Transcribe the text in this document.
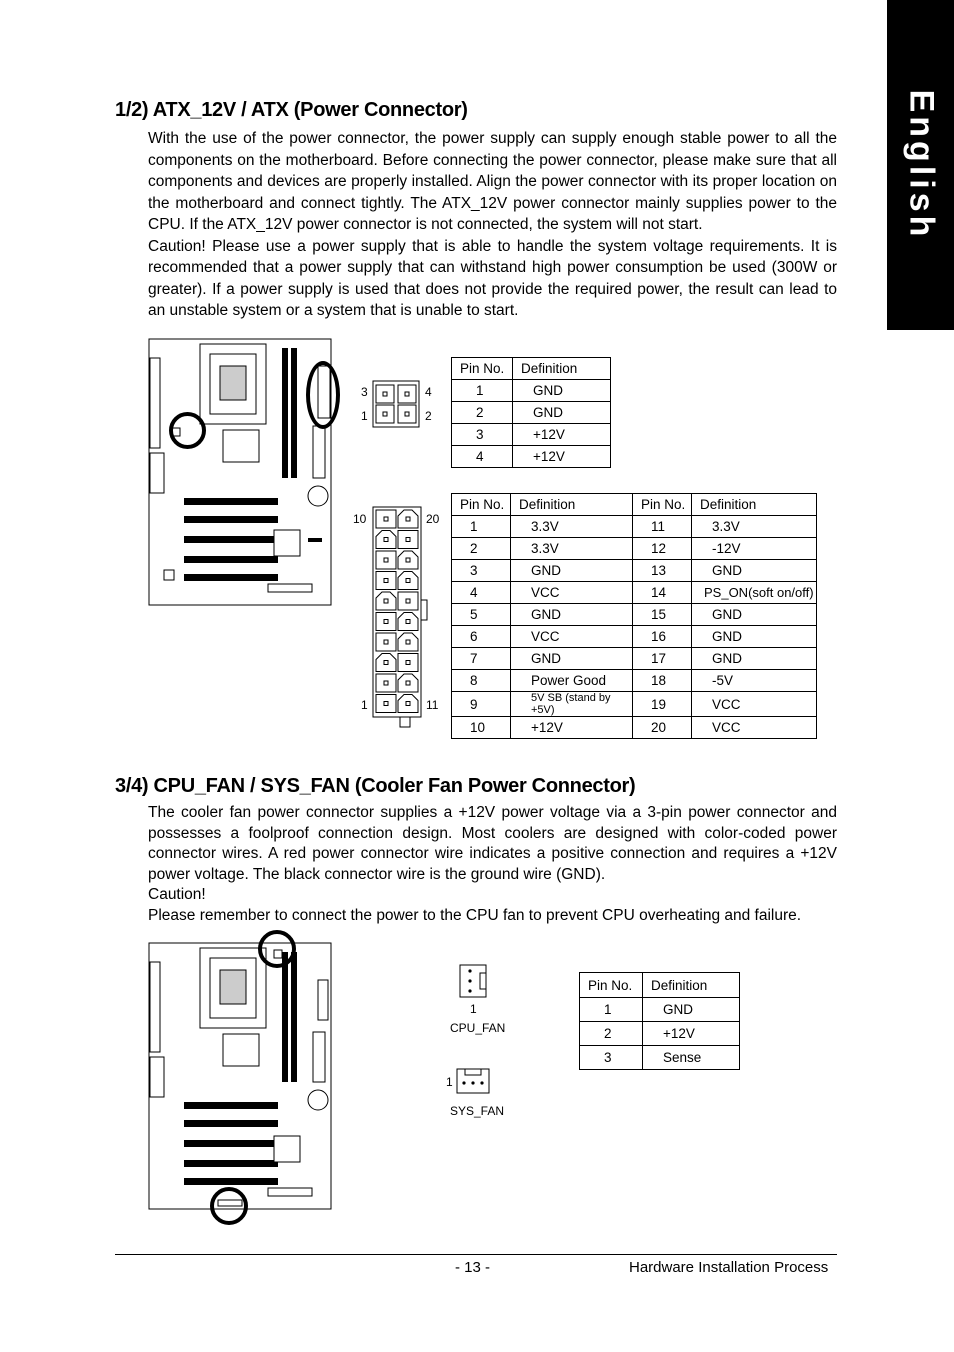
English
1/2) ATX_12V / ATX (Power Connector)

With the use of the power connector, the power supply can supply enough stable power to all the components on the motherboard. Before connecting the power connector, please make sure that all components and devices are properly installed. Align the power connector with its proper location on the motherboard and connect tightly. The ATX_12V power connector mainly supplies power to the CPU. If the ATX_12V power connector is not connected, the system will not start.

Caution! Please use a power supply that is able to handle the system voltage requirements. It is recommended that a power supply that can withstand high power consumption be used (300W or greater). If a power supply is used that does not provide the required power, the result can lead to an unstable system or a system that is unable to start.

3	4
1	2
Pin No.	Definition
1	GND
2	GND
3	+12V
4	+12V
10	20
1	11
Pin No.	Definition	Pin No.	Definition
1	3.3V	11	3.3V
2	3.3V	12	-12V
3	GND	13	GND
4	VCC	14	PS_ON(soft on/off)
5	GND	15	GND
6	VCC	16	GND
7	GND	17	GND
8	Power Good	18	-5V
9	5V SB (stand by +5V)	19	VCC
10	+12V	20	VCC
3/4) CPU_FAN / SYS_FAN (Cooler Fan Power Connector)

The cooler fan power connector supplies a +12V power voltage via a 3-pin power connector and possesses a foolproof connection design. Most coolers are designed with color-coded power connector wires. A red power connector wire indicates a positive connection and requires a +12V power voltage. The black connector wire is the ground wire (GND).

Caution!

Please remember to connect the power to the CPU fan to prevent CPU overheating and failure.

1
CPU_FAN
1
SYS_FAN
Pin No.	Definition
1	GND
2	+12V
3	Sense
- 13 -	Hardware Installation Process
